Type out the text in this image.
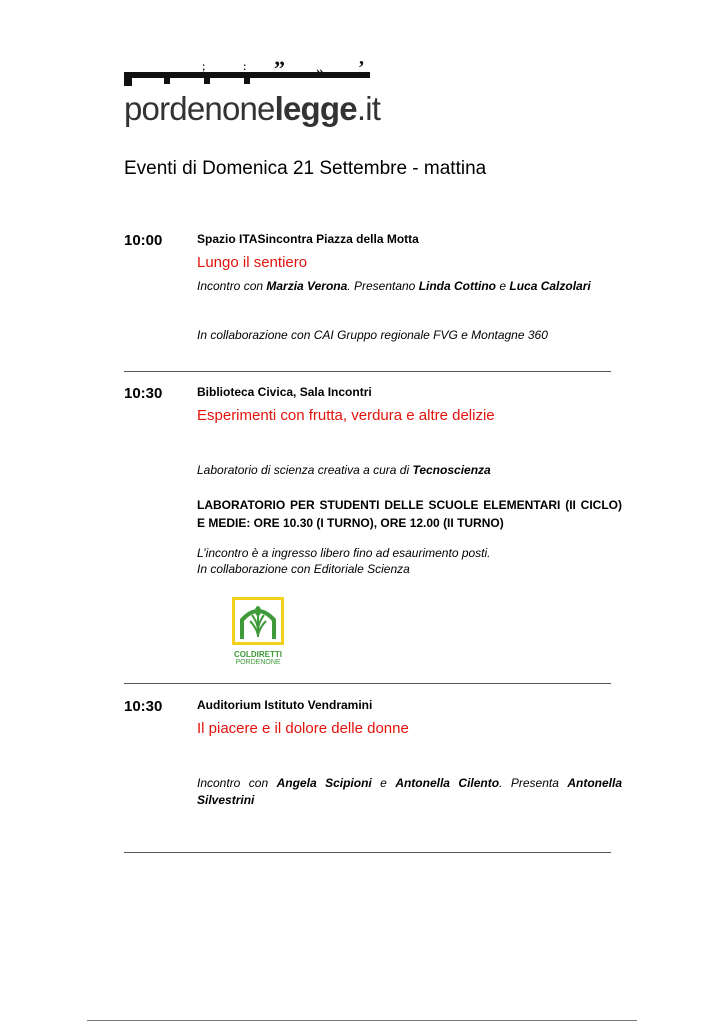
;	: ” » ’
pordenonelegge.it
Eventi di Domenica 21 Settembre - mattina
10:00	Spazio ITASincontra Piazza della Motta
Lungo il sentiero
Incontro con Marzia Verona. Presentano Linda Cottino e Luca Calzolari
In collaborazione con CAI Gruppo regionale FVG e Montagne 360
10:30	Biblioteca Civica, Sala Incontri
Esperimenti con frutta, verdura e altre delizie
Laboratorio di scienza creativa a cura di Tecnoscienza
LABORATORIO PER STUDENTI DELLE SCUOLE ELEMENTARI (II CICLO) E MEDIE: ORE 10.30 (I TURNO), ORE 12.00 (II TURNO)
L’incontro è a ingresso libero fino ad esaurimento posti.
In collaborazione con Editoriale Scienza
COLDIRETTI
PORDENONE
10:30	Auditorium Istituto Vendramini
Il piacere e il dolore delle donne
Incontro con Angela Scipioni e Antonella Cilento. Presenta Antonella Silvestrini
